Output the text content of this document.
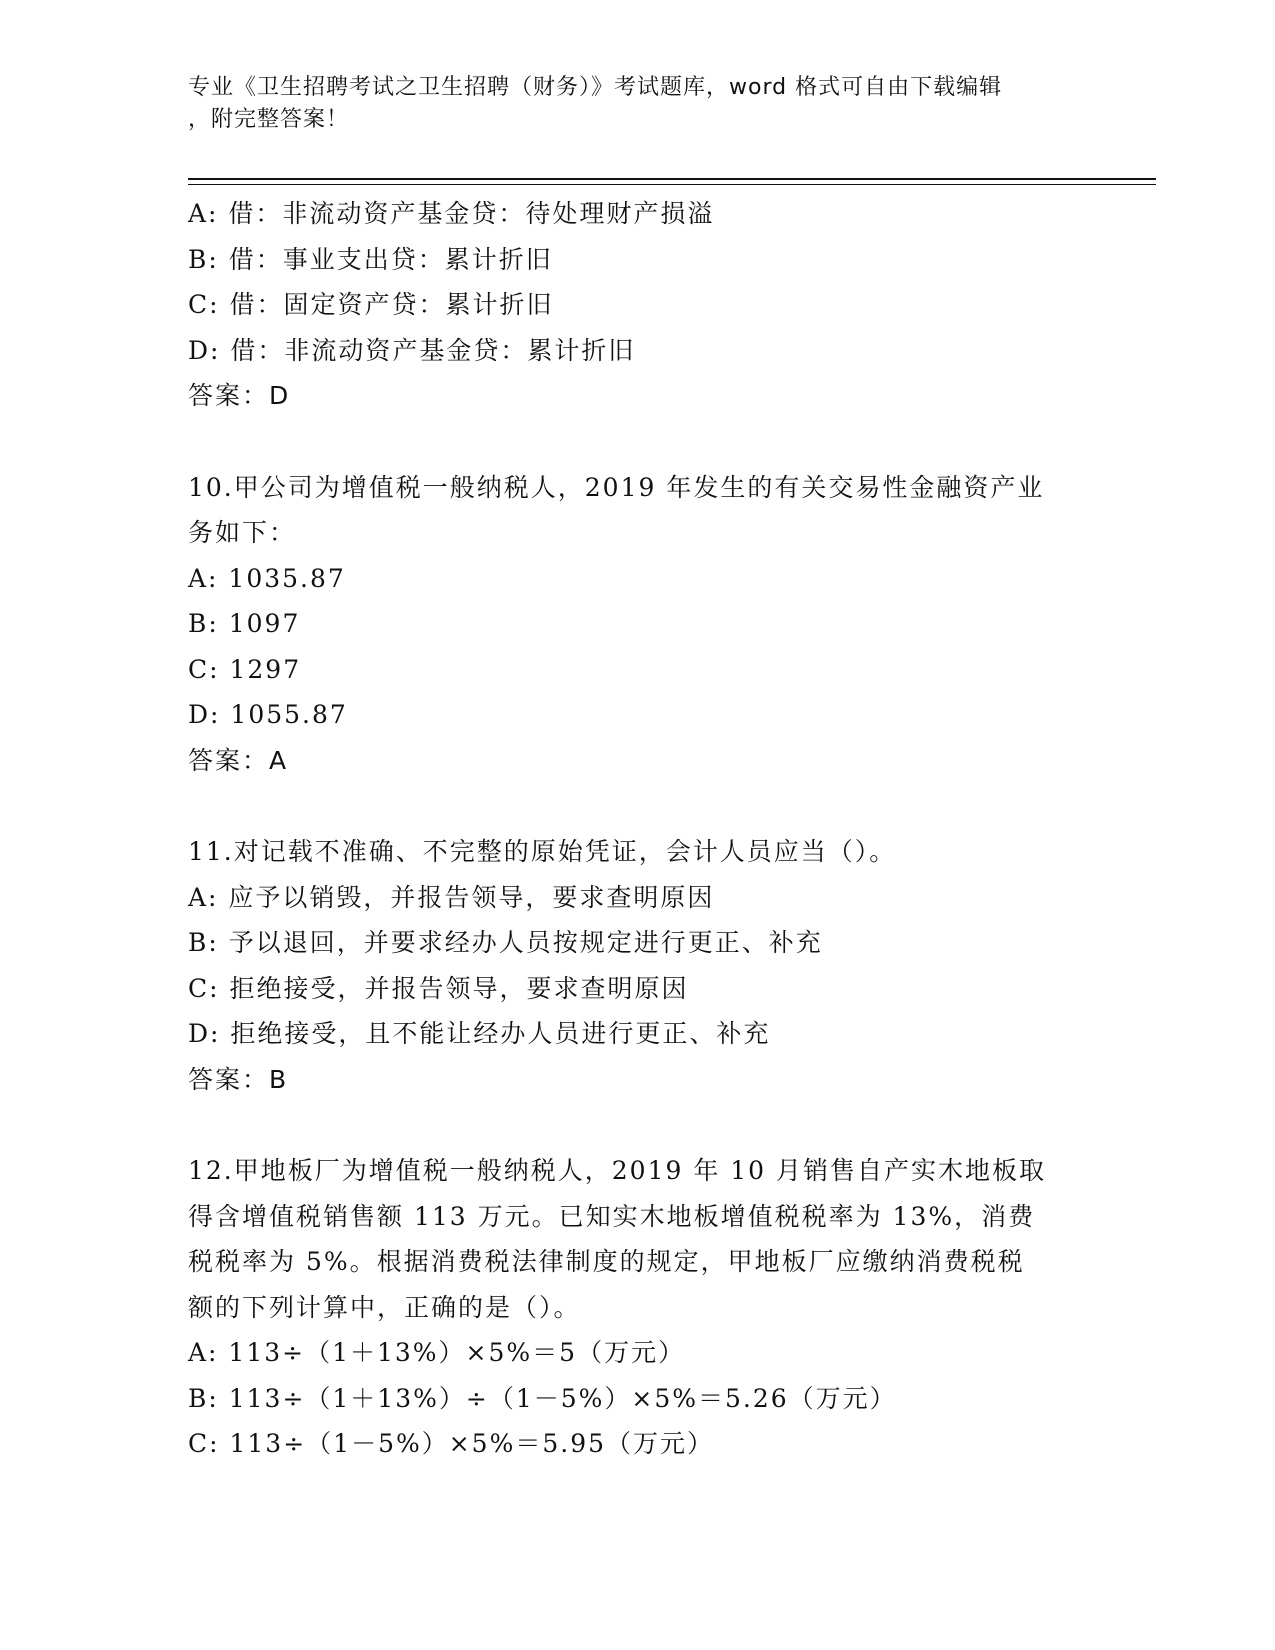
专业《卫生招聘考试之卫生招聘（财务）》考试题库，word 格式可自由下载编辑
，附完整答案！
A: 借：非流动资产基金贷：待处理财产损溢
B: 借：事业支出贷：累计折旧
C: 借：固定资产贷：累计折旧
D: 借：非流动资产基金贷：累计折旧
答案：D
10.甲公司为增值税一般纳税人，2019 年发生的有关交易性金融资产业
务如下：
A: 1035.87
B: 1097
C: 1297
D: 1055.87
答案：A
11.对记载不准确、不完整的原始凭证，会计人员应当（）。
A: 应予以销毁，并报告领导，要求查明原因
B: 予以退回，并要求经办人员按规定进行更正、补充
C: 拒绝接受，并报告领导，要求查明原因
D: 拒绝接受，且不能让经办人员进行更正、补充
答案：B
12.甲地板厂为增值税一般纳税人，2019 年 10 月销售自产实木地板取
得含增值税销售额 113 万元。已知实木地板增值税税率为 13%，消费
税税率为 5%。根据消费税法律制度的规定，甲地板厂应缴纳消费税税
额的下列计算中，正确的是（）。
A: 113÷（1＋13%）×5%＝5（万元）
B: 113÷（1＋13%）÷（1－5%）×5%＝5.26（万元）
C: 113÷（1－5%）×5%＝5.95（万元）
